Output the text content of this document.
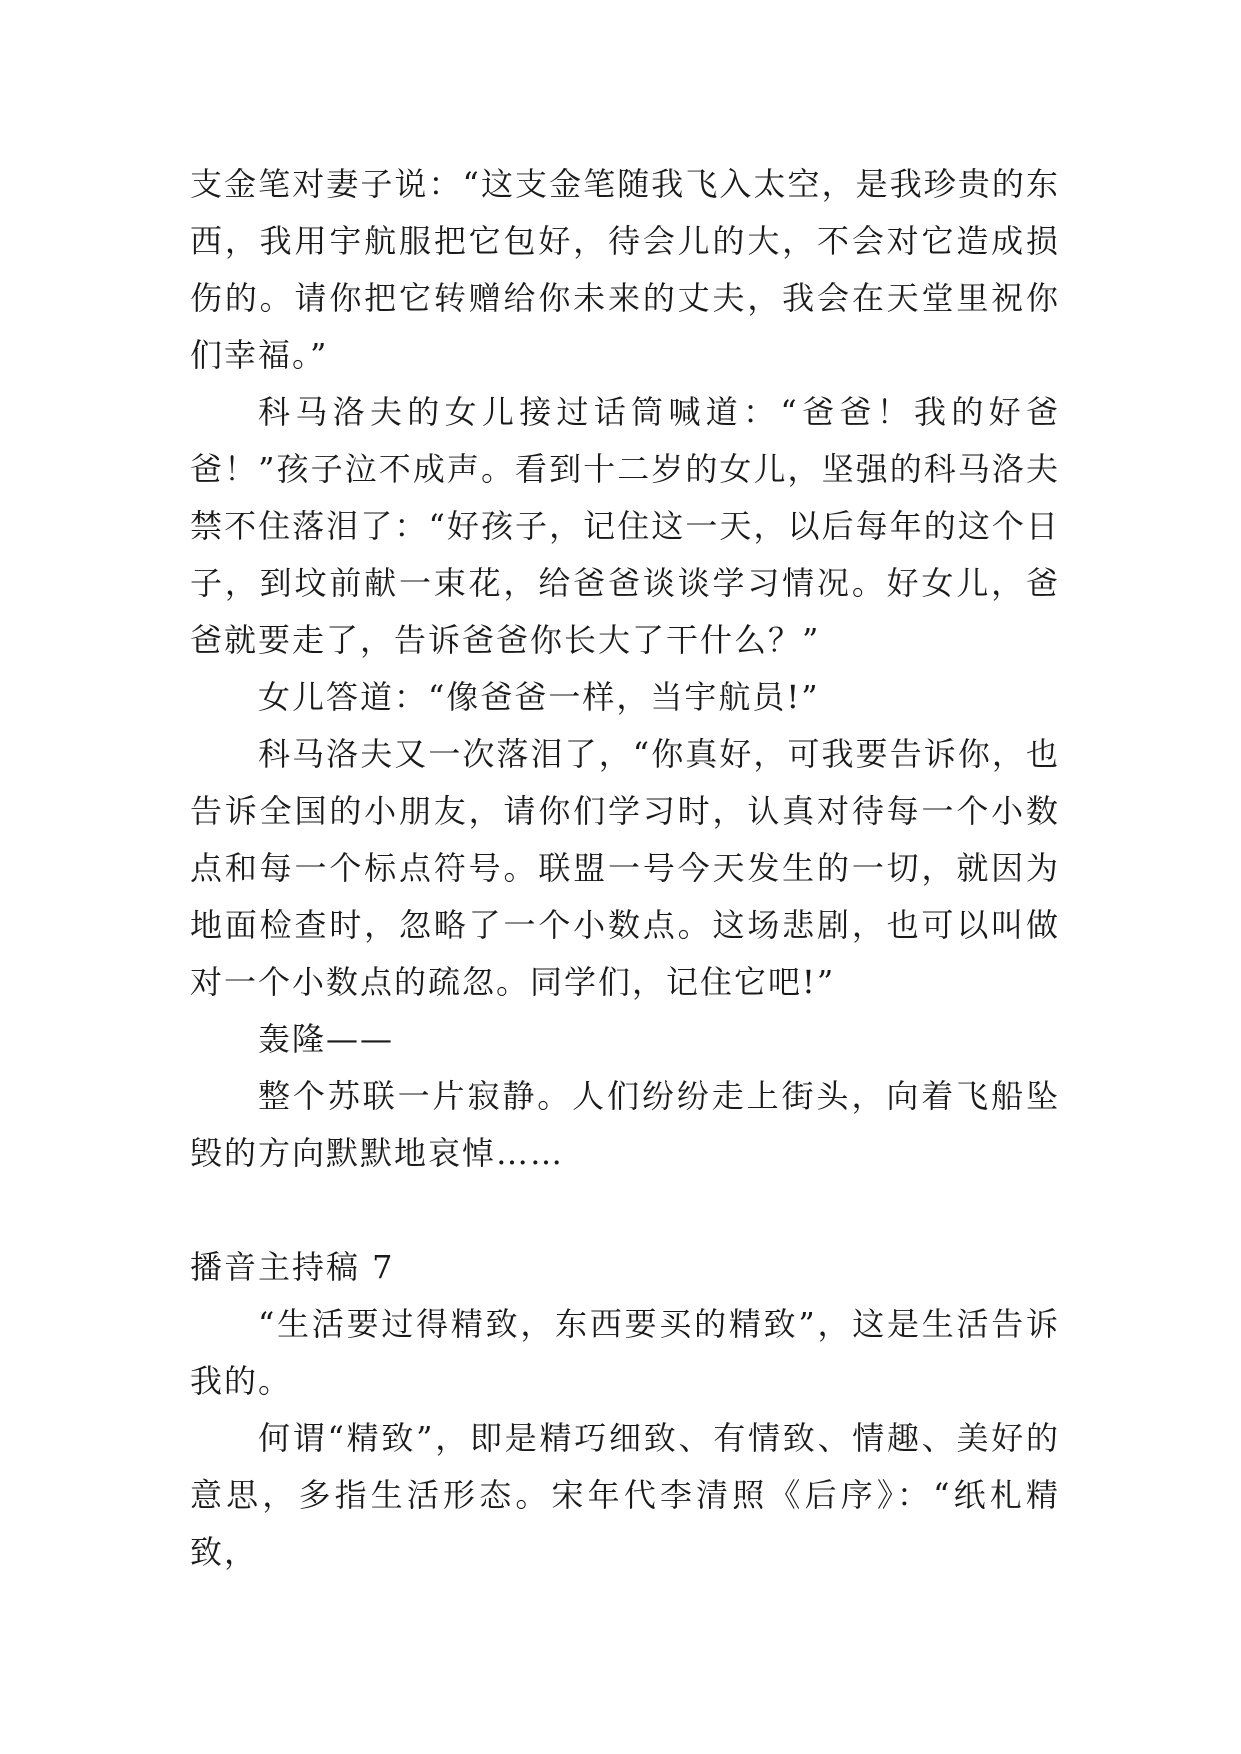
支金笔对妻子说：“这支金笔随我飞入太空，是我珍贵的东西，我用宇航服把它包好，待会儿的大，不会对它造成损伤的。请你把它转赠给你未来的丈夫，我会在天堂里祝你们幸福。”

科马洛夫的女儿接过话筒喊道：“爸爸！我的好爸爸！”孩子泣不成声。看到十二岁的女儿，坚强的科马洛夫禁不住落泪了：“好孩子，记住这一天，以后每年的这个日子，到坟前献一束花，给爸爸谈谈学习情况。好女儿，爸爸就要走了，告诉爸爸你长大了干什么？”

女儿答道：“像爸爸一样，当宇航员!”

科马洛夫又一次落泪了，“你真好，可我要告诉你，也告诉全国的小朋友，请你们学习时，认真对待每一个小数点和每一个标点符号。联盟一号今天发生的一切，就因为地面检查时，忽略了一个小数点。这场悲剧，也可以叫做对一个小数点的疏忽。同学们，记住它吧!”

轰隆——

整个苏联一片寂静。人们纷纷走上街头，向着飞船坠毁的方向默默地哀悼……

播音主持稿 7

“生活要过得精致，东西要买的精致”，这是生活告诉我的。

何谓“精致”，即是精巧细致、有情致、情趣、美好的意思，多指生活形态。宋年代李清照《后序》：“纸札精致，
